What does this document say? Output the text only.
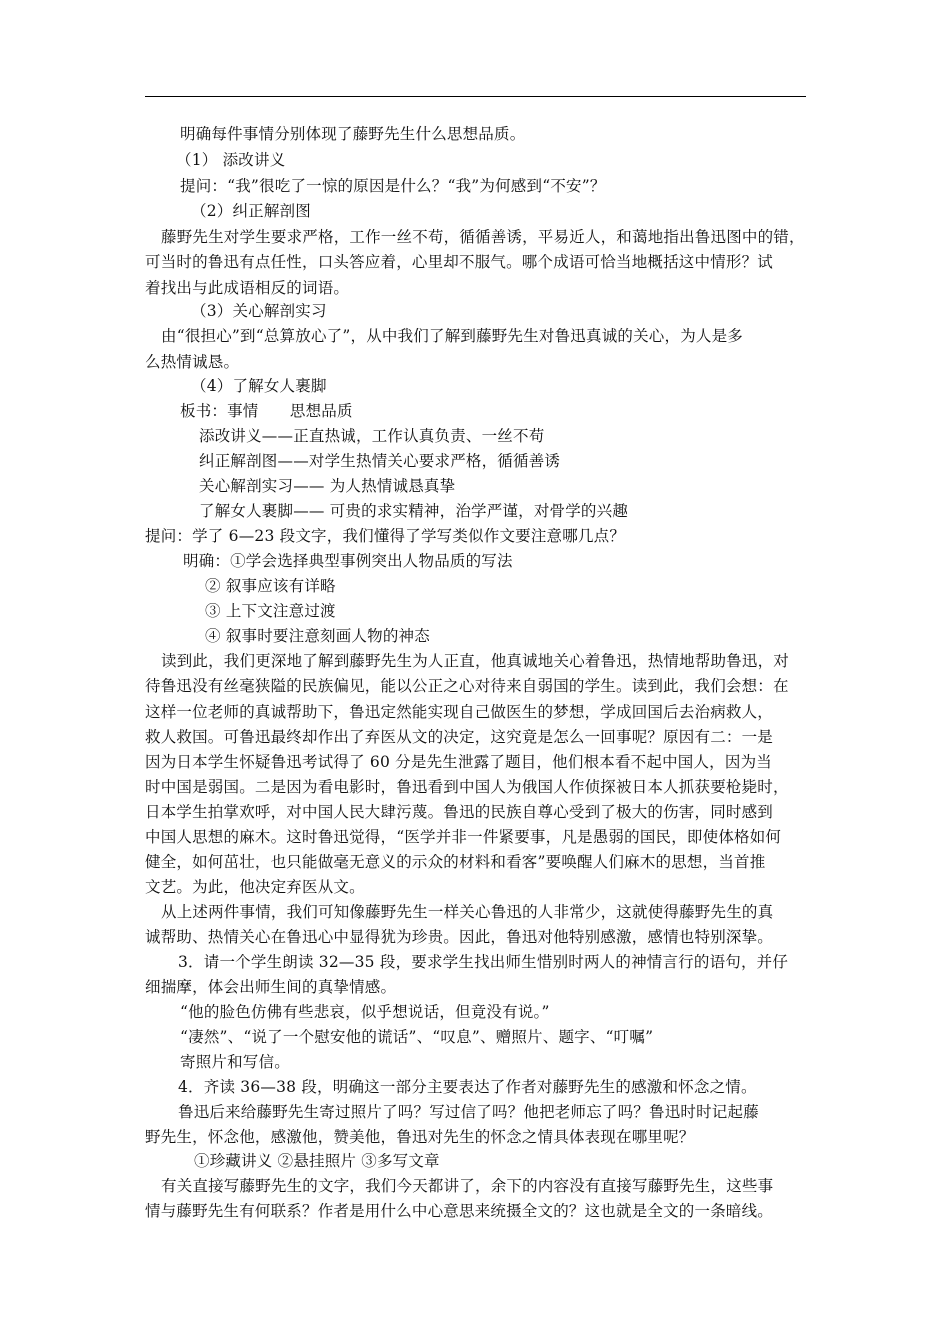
明确每件事情分别体现了藤野先生什么思想品质。
（1） 添改讲义
提问：“我”很吃了一惊的原因是什么？“我”为何感到“不安”？
（2）纠正解剖图
藤野先生对学生要求严格，工作一丝不苟，循循善诱，平易近人，和蔼地指出鲁迅图中的错，
可当时的鲁迅有点任性，口头答应着，心里却不服气。哪个成语可恰当地概括这中情形？试
着找出与此成语相反的词语。
（3）关心解剖实习
由“很担心”到“总算放心了”，从中我们了解到藤野先生对鲁迅真诚的关心，为人是多
么热情诚恳。
（4）了解女人裹脚
板书：事情　　思想品质
添改讲义——正直热诚，工作认真负责、一丝不苟
纠正解剖图——对学生热情关心要求严格，循循善诱
关心解剖实习—— 为人热情诚恳真挚
了解女人裹脚—— 可贵的求实精神，治学严谨，对骨学的兴趣
提问：学了 6—23 段文字，我们懂得了学写类似作文要注意哪几点？
明确：①学会选择典型事例突出人物品质的写法
② 叙事应该有详略
③ 上下文注意过渡
④ 叙事时要注意刻画人物的神态
读到此，我们更深地了解到藤野先生为人正直，他真诚地关心着鲁迅，热情地帮助鲁迅，对
待鲁迅没有丝毫狭隘的民族偏见，能以公正之心对待来自弱国的学生。读到此，我们会想：在
这样一位老师的真诚帮助下，鲁迅定然能实现自己做医生的梦想，学成回国后去治病救人，
救人救国。可鲁迅最终却作出了弃医从文的决定，这究竟是怎么一回事呢？原因有二：一是
因为日本学生怀疑鲁迅考试得了 60 分是先生泄露了题目，他们根本看不起中国人，因为当
时中国是弱国。二是因为看电影时，鲁迅看到中国人为俄国人作侦探被日本人抓获要枪毙时，
日本学生拍掌欢呼，对中国人民大肆污蔑。鲁迅的民族自尊心受到了极大的伤害，同时感到
中国人思想的麻木。这时鲁迅觉得，“医学并非一件紧要事，凡是愚弱的国民，即使体格如何
健全，如何茁壮，也只能做毫无意义的示众的材料和看客”要唤醒人们麻木的思想，当首推
文艺。为此，他决定弃医从文。
从上述两件事情，我们可知像藤野先生一样关心鲁迅的人非常少，这就使得藤野先生的真
诚帮助、热情关心在鲁迅心中显得犹为珍贵。因此，鲁迅对他特别感激，感情也特别深挚。
3．请一个学生朗读 32—35 段，要求学生找出师生惜别时两人的神情言行的语句，并仔
细揣摩，体会出师生间的真挚情感。
“他的脸色仿佛有些悲哀，似乎想说话，但竟没有说。”
“凄然”、“说了一个慰安他的谎话”、“叹息”、赠照片、题字、“叮嘱”
寄照片和写信。
4．齐读 36—38 段，明确这一部分主要表达了作者对藤野先生的感激和怀念之情。
鲁迅后来给藤野先生寄过照片了吗？写过信了吗？他把老师忘了吗？鲁迅时时记起藤
野先生，怀念他，感激他，赞美他，鲁迅对先生的怀念之情具体表现在哪里呢？
①珍藏讲义 ②悬挂照片 ③多写文章
有关直接写藤野先生的文字，我们今天都讲了，余下的内容没有直接写藤野先生，这些事
情与藤野先生有何联系？作者是用什么中心意思来统摄全文的？这也就是全文的一条暗线。
